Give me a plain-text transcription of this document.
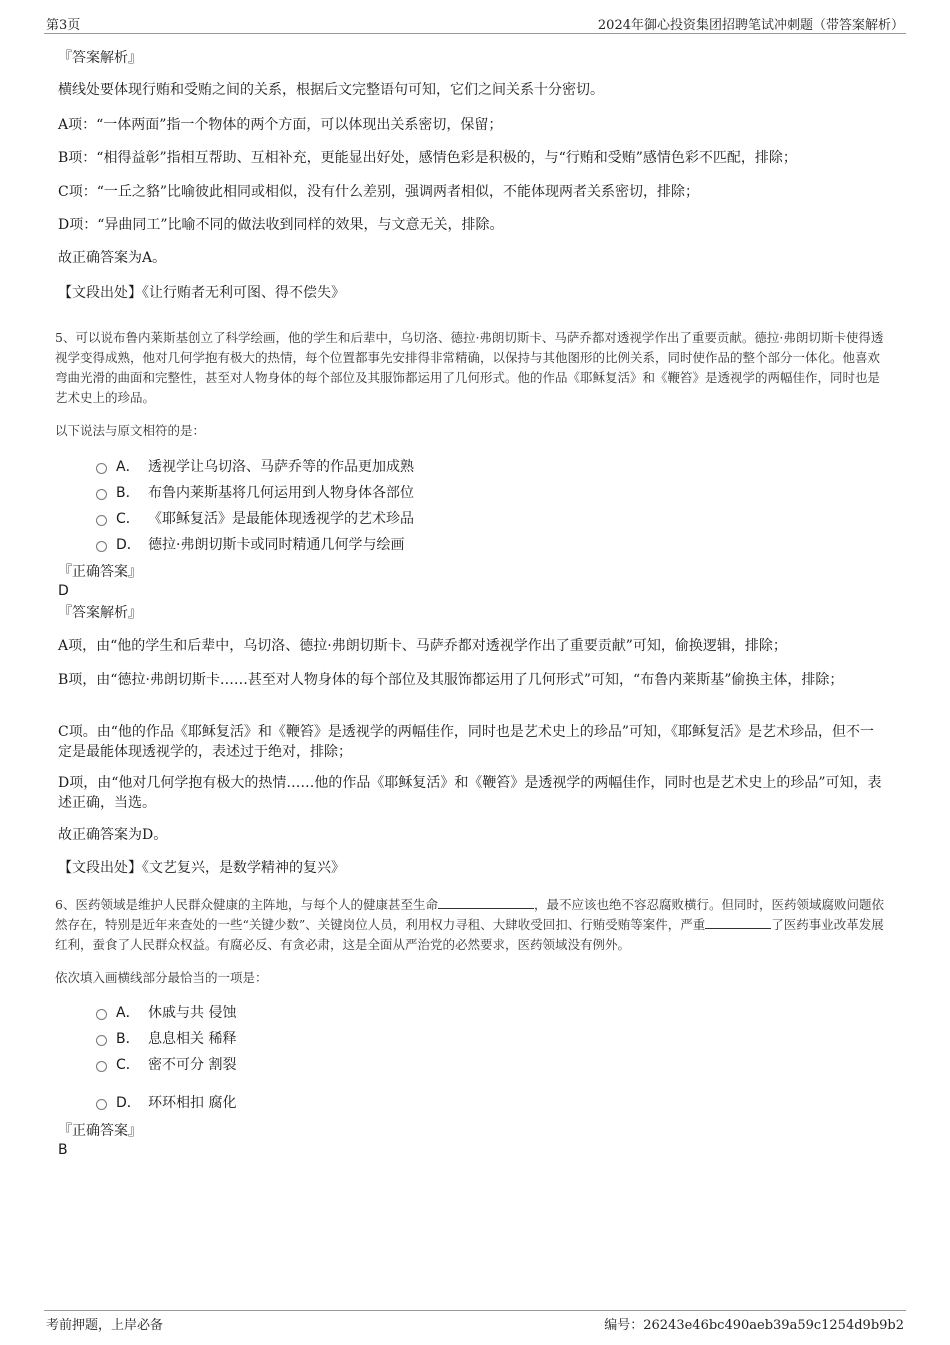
第3页	2024年御心投资集团招聘笔试冲刺题（带答案解析）
『答案解析』
横线处要体现行贿和受贿之间的关系，根据后文完整语句可知，它们之间关系十分密切。
A项：“一体两面”指一个物体的两个方面，可以体现出关系密切，保留；
B项：“相得益彰”指相互帮助、互相补充，更能显出好处，感情色彩是积极的，与“行贿和受贿”感情色彩不匹配，排除；
C项：“一丘之貉”比喻彼此相同或相似，没有什么差别，强调两者相似，不能体现两者关系密切，排除；
D项：“异曲同工”比喻不同的做法收到同样的效果，与文意无关，排除。
故正确答案为A。
【文段出处】《让行贿者无利可图、得不偿失》
5、可以说布鲁内莱斯基创立了科学绘画，他的学生和后辈中，乌切洛、德拉·弗朗切斯卡、马萨乔都对透视学作出了重要贡献。德拉·弗朗切斯卡使得透视学变得成熟，他对几何学抱有极大的热情，每个位置都事先安排得非常精确，以保持与其他图形的比例关系，同时使作品的整个部分一体化。他喜欢弯曲光滑的曲面和完整性，甚至对人物身体的每个部位及其服饰都运用了几何形式。他的作品《耶稣复活》和《鞭笞》是透视学的两幅佳作，同时也是艺术史上的珍品。
以下说法与原文相符的是：
A． 透视学让乌切洛、马萨乔等的作品更加成熟
B． 布鲁内莱斯基将几何运用到人物身体各部位
C． 《耶稣复活》是最能体现透视学的艺术珍品
D． 德拉·弗朗切斯卡或同时精通几何学与绘画
『正确答案』
D
『答案解析』
A项，由“他的学生和后辈中，乌切洛、德拉·弗朗切斯卡、马萨乔都对透视学作出了重要贡献”可知，偷换逻辑，排除；
B项，由“德拉·弗朗切斯卡……甚至对人物身体的每个部位及其服饰都运用了几何形式”可知，“布鲁内莱斯基”偷换主体，排除；
C项。由“他的作品《耶稣复活》和《鞭笞》是透视学的两幅佳作，同时也是艺术史上的珍品”可知，《耶稣复活》是艺术珍品，但不一定是最能体现透视学的，表述过于绝对，排除；
D项，由“他对几何学抱有极大的热情……他的作品《耶稣复活》和《鞭笞》是透视学的两幅佳作，同时也是艺术史上的珍品”可知，表述正确，当选。
故正确答案为D。
【文段出处】《文艺复兴，是数学精神的复兴》
6、医药领域是维护人民群众健康的主阵地，与每个人的健康甚至生命	，最不应该也绝不容忍腐败横行。但同时，医药领域腐败问题依然存在，特别是近年来查处的一些“关键少数”、关键岗位人员，利用权力寻租、大肆收受回扣、行贿受贿等案件，严重	了医药事业改革发展红利，蚕食了人民群众权益。有腐必反、有贪必肃，这是全面从严治党的必然要求，医药领域没有例外。
依次填入画横线部分最恰当的一项是：
A． 休戚与共 侵蚀
B． 息息相关 稀释
C． 密不可分 割裂
D． 环环相扣 腐化
『正确答案』
B
考前押题，上岸必备	编号：26243e46bc490aeb39a59c1254d9b9b2
